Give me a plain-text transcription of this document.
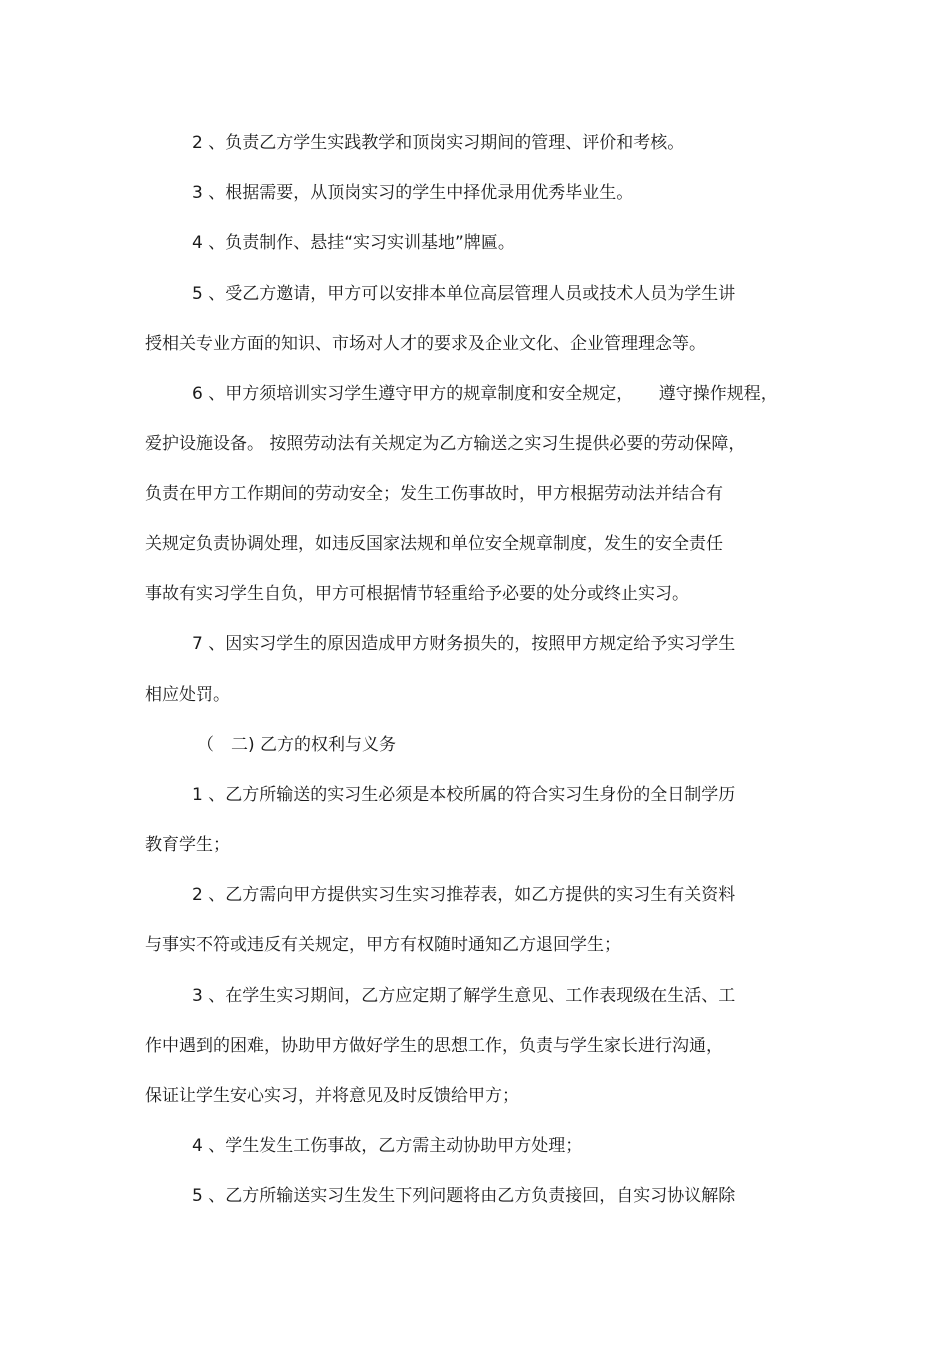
2 、负责乙方学生实践教学和顶岗实习期间的管理、评价和考核。

3 、根据需要，从顶岗实习的学生中择优录用优秀毕业生。

4 、负责制作、悬挂“实习实训基地”牌匾。

5 、受乙方邀请，甲方可以安排本单位高层管理人员或技术人员为学生讲

授相关专业方面的知识、市场对人才的要求及企业文化、企业管理理念等。

6 、甲方须培训实习学生遵守甲方的规章制度和安全规定，　　遵守操作规程，

爱护设施设备。 按照劳动法有关规定为乙方输送之实习生提供必要的劳动保障，

负责在甲方工作期间的劳动安全；发生工伤事故时，甲方根据劳动法并结合有

关规定负责协调处理，如违反国家法规和单位安全规章制度，发生的安全责任

事故有实习学生自负，甲方可根据情节轻重给予必要的处分或终止实习。

7 、因实习学生的原因造成甲方财务损失的，按照甲方规定给予实习学生

相应处罚。

（　二) 乙方的权利与义务

1 、乙方所输送的实习生必须是本校所属的符合实习生身份的全日制学历

教育学生；

2 、乙方需向甲方提供实习生实习推荐表，如乙方提供的实习生有关资料

与事实不符或违反有关规定，甲方有权随时通知乙方退回学生；

3 、在学生实习期间，乙方应定期了解学生意见、工作表现级在生活、工

作中遇到的困难，协助甲方做好学生的思想工作，负责与学生家长进行沟通，

保证让学生安心实习，并将意见及时反馈给甲方；

4 、学生发生工伤事故，乙方需主动协助甲方处理；

5 、乙方所输送实习生发生下列问题将由乙方负责接回，自实习协议解除
